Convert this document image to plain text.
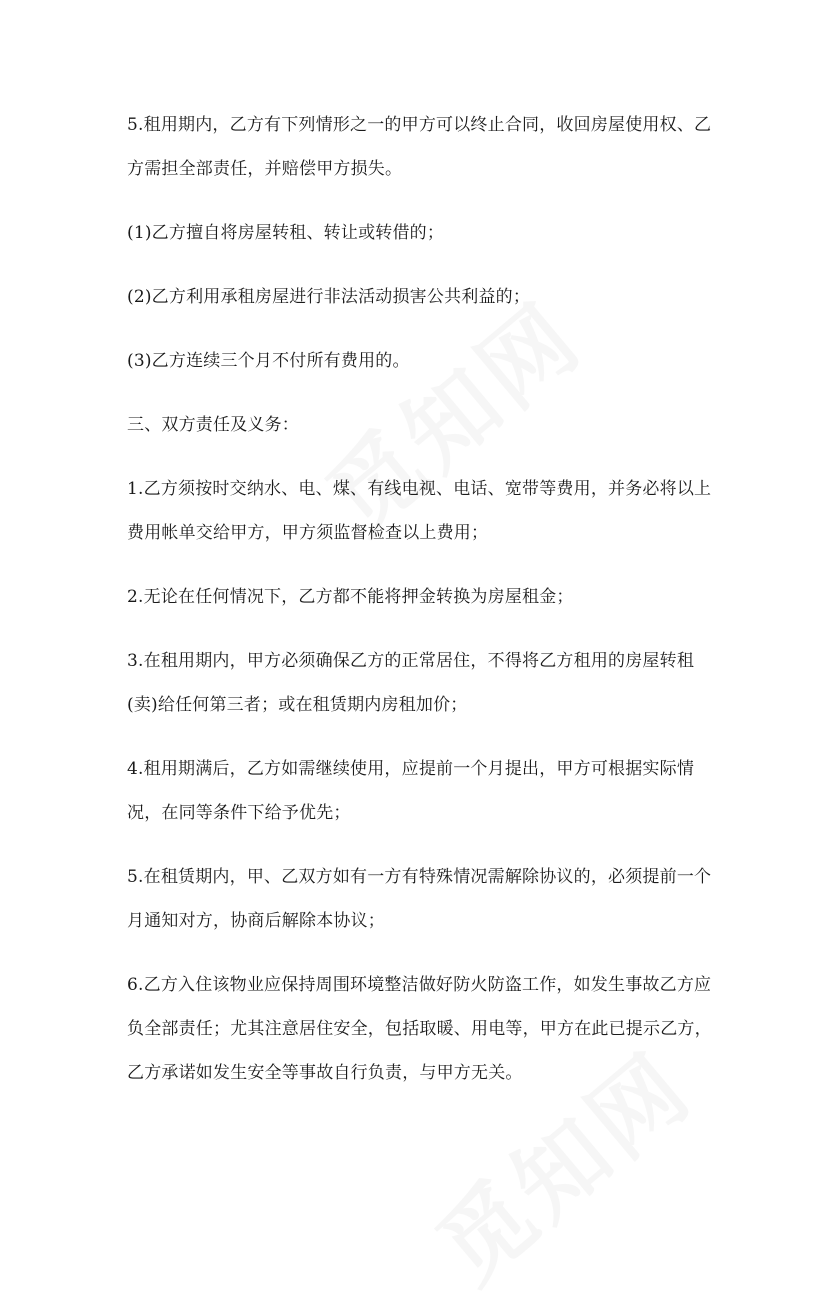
5.租用期内，乙方有下列情形之一的甲方可以终止合同，收回房屋使用权、乙方需担全部责任，并赔偿甲方损失。

(1)乙方擅自将房屋转租、转让或转借的；

(2)乙方利用承租房屋进行非法活动损害公共利益的；

(3)乙方连续三个月不付所有费用的。

三、双方责任及义务：

1.乙方须按时交纳水、电、煤、有线电视、电话、宽带等费用，并务必将以上费用帐单交给甲方，甲方须监督检查以上费用；

2.无论在任何情况下，乙方都不能将押金转换为房屋租金；

3.在租用期内，甲方必须确保乙方的正常居住，不得将乙方租用的房屋转租(卖)给任何第三者；或在租赁期内房租加价；

4.租用期满后，乙方如需继续使用，应提前一个月提出，甲方可根据实际情况，在同等条件下给予优先；

5.在租赁期内，甲、乙双方如有一方有特殊情况需解除协议的，必须提前一个月通知对方，协商后解除本协议；

6.乙方入住该物业应保持周围环境整洁做好防火防盗工作，如发生事故乙方应负全部责任；尤其注意居住安全，包括取暖、用电等，甲方在此已提示乙方，乙方承诺如发生安全等事故自行负责，与甲方无关。
